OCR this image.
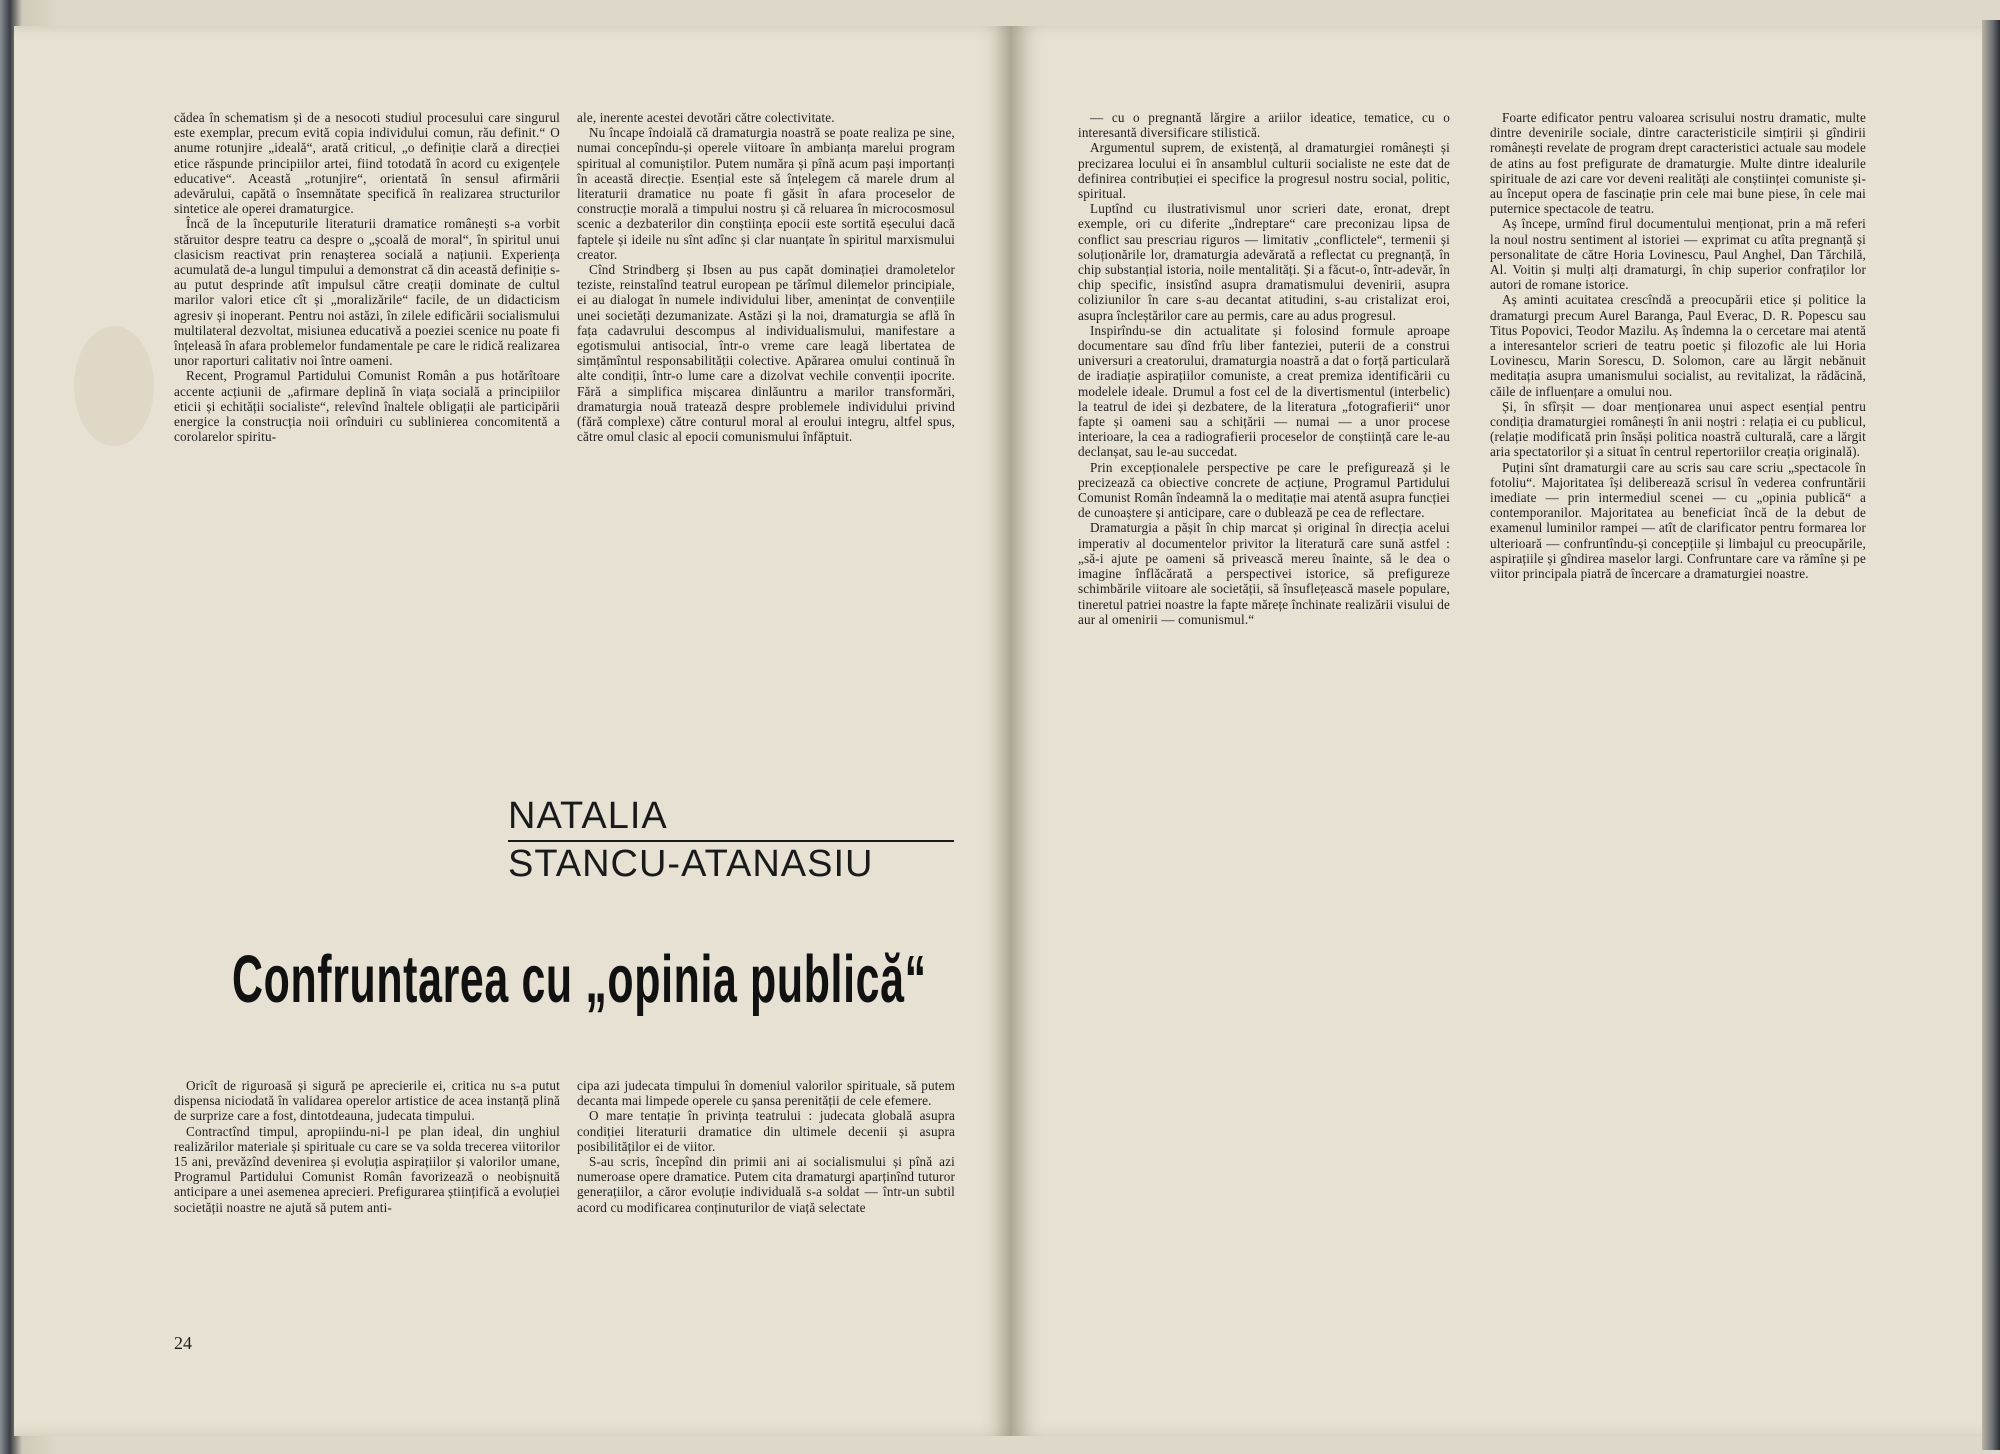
cădea în schematism și de a nesocoti studiul procesului care singurul este exemplar, precum evită copia individului comun, rău definit.“ O anume rotunjire „ideală“, arată criticul, „o definiție clară a direcției etice răspunde principiilor artei, fiind totodată în acord cu exigențele educative“. Această „rotunjire“, orientată în sensul afirmării adevărului, capătă o însemnătate specifică în realizarea structurilor sintetice ale operei dramaturgice.

Încă de la începuturile literaturii dramatice românești s-a vorbit stăruitor despre teatru ca despre o „școală de moral“, în spiritul unui clasicism reactivat prin renașterea socială a națiunii. Experiența acumulată de-a lungul timpului a demonstrat că din această definiție s-au putut desprinde atît impulsul către creații dominate de cultul marilor valori etice cît și „moralizările“ facile, de un didacticism agresiv și inoperant. Pentru noi astăzi, în zilele edificării socialismului multilateral dezvoltat, misiunea educativă a poeziei scenice nu poate fi înțeleasă în afara problemelor fundamentale pe care le ridică realizarea unor raporturi calitativ noi între oameni.

Recent, Programul Partidului Comunist Român a pus hotărîtoare accente acțiunii de „afirmare deplină în viața socială a principiilor eticii și echității socialiste“, relevînd înaltele obligații ale participării energice la construcția noii orînduiri cu sublinierea concomitentă a corolarelor spiritu-

ale, inerente acestei devotări către colectivitate.

Nu încape îndoială că dramaturgia noastră se poate realiza pe sine, numai concepîndu-și operele viitoare în ambianța marelui program spiritual al comuniștilor. Putem număra și pînă acum pași importanți în această direcție. Esențial este să înțelegem că marele drum al literaturii dramatice nu poate fi găsit în afara proceselor de construcție morală a timpului nostru și că reluarea în microcosmosul scenic a dezbaterilor din conștiința epocii este sortită eșecului dacă faptele și ideile nu sînt adînc și clar nuanțate în spiritul marxismului creator.

Cînd Strindberg și Ibsen au pus capăt dominației dramoletelor teziste, reinstalînd teatrul european pe tărîmul dilemelor principiale, ei au dialogat în numele individului liber, amenințat de convențiile unei societăți dezumanizate. Astăzi și la noi, dramaturgia se află în fața cadavrului descompus al individualismului, manifestare a egotismului antisocial, într-o vreme care leagă libertatea de simțămîntul responsabilității colective. Apărarea omului continuă în alte condiții, într-o lume care a dizolvat vechile convenții ipocrite. Fără a simplifica mișcarea dinlăuntru a marilor transformări, dramaturgia nouă tratează despre problemele individului privind (fără complexe) către conturul moral al eroului integru, altfel spus, către omul clasic al epocii comunismului înfăptuit.

NATALIA
STANCU-ATANASIU
Confruntarea cu „opinia publică“

Oricît de riguroasă și sigură pe aprecierile ei, critica nu s-a putut dispensa niciodată în validarea operelor artistice de acea instanță plină de surprize care a fost, dintotdeauna, judecata timpului.

Contractînd timpul, apropiindu-ni-l pe plan ideal, din unghiul realizărilor materiale și spirituale cu care se va solda trecerea viitorilor 15 ani, prevăzînd devenirea și evoluția aspirațiilor și valorilor umane, Programul Partidului Comunist Român favorizează o neobișnuită anticipare a unei asemenea aprecieri. Prefigurarea științifică a evoluției societății noastre ne ajută să putem anti-

cipa azi judecata timpului în domeniul valorilor spirituale, să putem decanta mai limpede operele cu șansa perenității de cele efemere.

O mare tentație în privința teatrului : judecata globală asupra condiției literaturii dramatice din ultimele decenii și asupra posibilităților ei de viitor.

S-au scris, începînd din primii ani ai socialismului și pînă azi numeroase opere dramatice. Putem cita dramaturgi aparținînd tuturor generațiilor, a căror evoluție individuală s-a soldat — într-un subtil acord cu modificarea conținuturilor de viață selectate

24

— cu o pregnantă lărgire a ariilor ideatice, tematice, cu o interesantă diversificare stilistică.

Argumentul suprem, de existență, al dramaturgiei românești și precizarea locului ei în ansamblul culturii socialiste ne este dat de definirea contribuției ei specifice la progresul nostru social, politic, spiritual.

Luptînd cu ilustrativismul unor scrieri date, eronat, drept exemple, ori cu diferite „îndreptare“ care preconizau lipsa de conflict sau prescriau riguros — limitativ „conflictele“, termenii și soluționările lor, dramaturgia adevărată a reflectat cu pregnanță, în chip substanțial istoria, noile mentalități. Și a făcut-o, într-adevăr, în chip specific, insistînd asupra dramatismului devenirii, asupra coliziunilor în care s-au decantat atitudini, s-au cristalizat eroi, asupra încleștărilor care au permis, care au adus progresul.

Inspirîndu-se din actualitate și folosind formule aproape documentare sau dînd frîu liber fanteziei, puterii de a construi universuri a creatorului, dramaturgia noastră a dat o forță particulară de iradiație aspirațiilor comuniste, a creat premiza identificării cu modelele ideale. Drumul a fost cel de la divertismentul (interbelic) la teatrul de idei și dezbatere, de la literatura „fotografierii“ unor fapte și oameni sau a schițării — numai — a unor procese interioare, la cea a radiografierii proceselor de conștiință care le-au declanșat, sau le-au succedat.

Prin excepționalele perspective pe care le prefigurează și le precizează ca obiective concrete de acțiune, Programul Partidului Comunist Român îndeamnă la o meditație mai atentă asupra funcției de cunoaștere și anticipare, care o dublează pe cea de reflectare.

Dramaturgia a pășit în chip marcat și original în direcția acelui imperativ al documentelor privitor la literatură care sună astfel : „să-i ajute pe oameni să privească mereu înainte, să le dea o imagine înflăcărată a perspectivei istorice, să prefigureze schimbările viitoare ale societății, să însuflețească masele populare, tineretul patriei noastre la fapte mărețe închinate realizării visului de aur al omenirii — comunismul.“

Foarte edificator pentru valoarea scrisului nostru dramatic, multe dintre devenirile sociale, dintre caracteristicile simțirii și gîndirii românești revelate de program drept caracteristici actuale sau modele de atins au fost prefigurate de dramaturgie. Multe dintre idealurile spirituale de azi care vor deveni realități ale conștiinței comuniste și-au început opera de fascinație prin cele mai bune piese, în cele mai puternice spectacole de teatru.

Aș începe, urmînd firul documentului menționat, prin a mă referi la noul nostru sentiment al istoriei — exprimat cu atîta pregnanță și personalitate de către Horia Lovinescu, Paul Anghel, Dan Tărchilă, Al. Voitin și mulți alți dramaturgi, în chip superior confraților lor autori de romane istorice.

Aș aminti acuitatea crescîndă a preocupării etice și politice la dramaturgi precum Aurel Baranga, Paul Everac, D. R. Popescu sau Titus Popovici, Teodor Mazilu. Aș îndemna la o cercetare mai atentă a interesantelor scrieri de teatru poetic și filozofic ale lui Horia Lovinescu, Marin Sorescu, D. Solomon, care au lărgit nebănuit meditația asupra umanismului socialist, au revitalizat, la rădăcină, căile de influențare a omului nou.

Și, în sfîrșit — doar menționarea unui aspect esențial pentru condiția dramaturgiei românești în anii noștri : relația ei cu publicul, (relație modificată prin însăși politica noastră culturală, care a lărgit aria spectatorilor și a situat în centrul repertoriilor creația originală).

Puțini sînt dramaturgii care au scris sau care scriu „spectacole în fotoliu“. Majoritatea își deliberează scrisul în vederea confruntării imediate — prin intermediul scenei — cu „opinia publică“ a contemporanilor. Majoritatea au beneficiat încă de la debut de examenul luminilor rampei — atît de clarificator pentru formarea lor ulterioară — confruntîndu-și concepțiile și limbajul cu preocupările, aspirațiile și gîndirea maselor largi. Confruntare care va rămîne și pe viitor principala piatră de încercare a dramaturgiei noastre.
